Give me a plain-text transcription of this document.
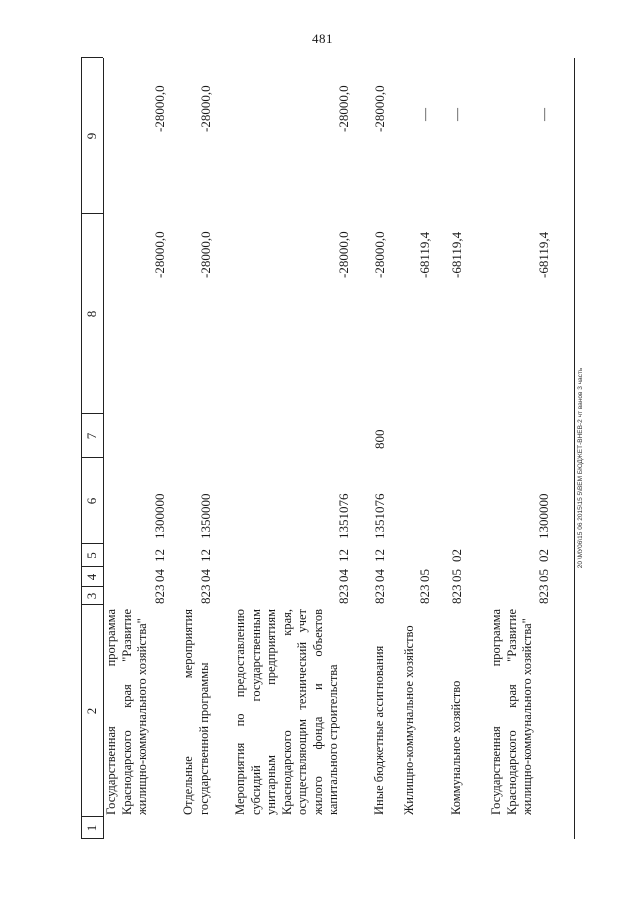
481
20 \МУ06\15 06 2015\15 5\ВЕМ БЮДЖЕТ-ВНЕВ-2 чт ванов 3 часть
1
2
3
4
5
6
7
8
9
Государственная программа Краснодарского края "Развитие жилищно-коммунального хозяйства"
823
04
12
1300000
-28000,0
-28000,0
Отдельные мероприятия государственной программы
823
04
12
1350000
-28000,0
-28000,0
Мероприятия по предоставлению субсидий государственным унитарным предприятиям Краснодарского края, осуществляющим технический учет жилого фонда и объектов капитального строительства
823
04
12
1351076
-28000,0
-28000,0
Иные бюджетные ассигнования
823
04
12
1351076
800
-28000,0
-28000,0
Жилищно-коммунальное хозяйство
823
05
-68119,4
—
Коммунальное хозяйство
823
05
02
-68119,4
—
Государственная программа Краснодарского края "Развитие жилищно-коммунального хозяйства"
823
05
02
1300000
-68119,4
—
